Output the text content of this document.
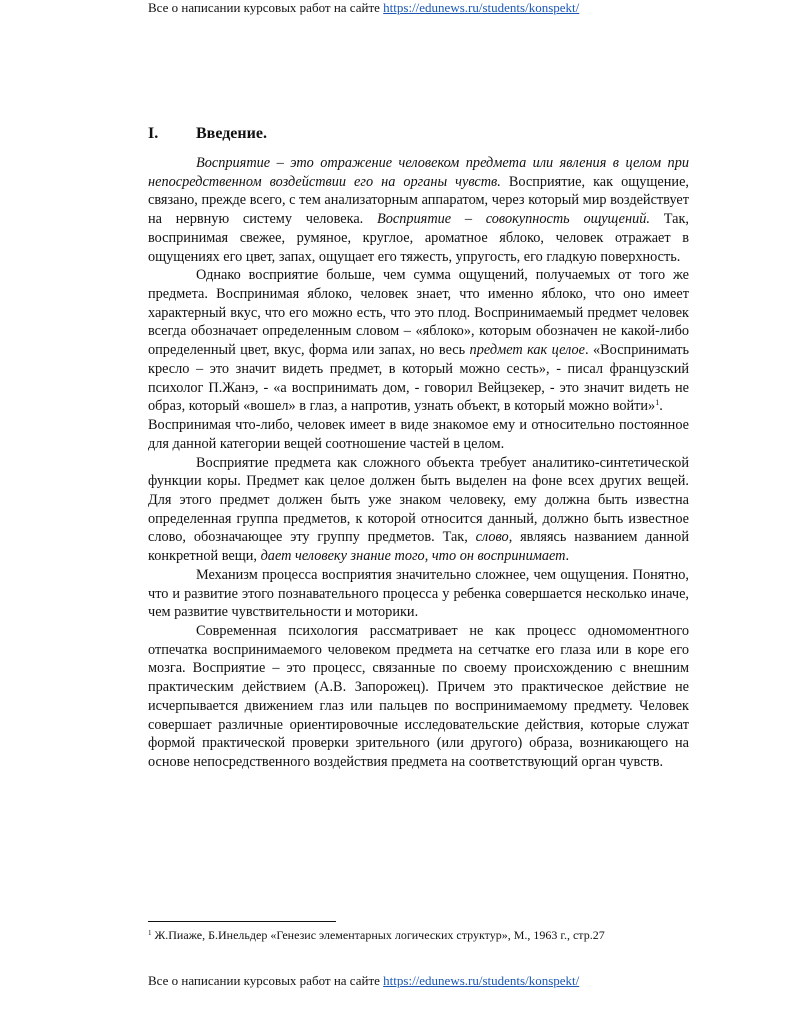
Все о написании курсовых работ на сайте https://edunews.ru/students/konspekt/
I. Введение.

Восприятие – это отражение человеком предмета или явления в целом при непосредственном воздействии его на органы чувств. Восприятие, как ощущение, связано, прежде всего, с тем анализаторным аппаратом, через который мир воздействует на нервную систему человека. Восприятие – совокупность ощущений. Так, воспринимая свежее, румяное, круглое, ароматное яблоко, человек отражает в ощущениях его цвет, запах, ощущает его тяжесть, упругость, его гладкую поверхность.

Однако восприятие больше, чем сумма ощущений, получаемых от того же предмета. Воспринимая яблоко, человек знает, что именно яблоко, что оно имеет характерный вкус, что его можно есть, что это плод. Воспринимаемый предмет человек всегда обозначает определенным словом – «яблоко», которым обозначен не какой-либо определенный цвет, вкус, форма или запах, но весь предмет как целое. «Воспринимать кресло – это значит видеть предмет, в который можно сесть», - писал французский психолог П.Жанэ, - «а воспринимать дом, - говорил Вейцзекер, - это значит видеть не образ, который «вошел» в глаз, а напротив, узнать объект, в который можно войти»$^1$.

Воспринимая что-либо, человек имеет в виде знакомое ему и относительно постоянное для данной категории вещей соотношение частей в целом.

Восприятие предмета как сложного объекта требует аналитико-синтетической функции коры. Предмет как целое должен быть выделен на фоне всех других вещей. Для этого предмет должен быть уже знаком человеку, ему должна быть известна определенная группа предметов, к которой относится данный, должно быть известное слово, обозначающее эту группу предметов. Так, слово, являясь названием данной конкретной вещи, дает человеку знание того, что он воспринимает.

Механизм процесса восприятия значительно сложнее, чем ощущения. Понятно, что и развитие этого познавательного процесса у ребенка совершается несколько иначе, чем развитие чувствительности и моторики.

Современная психология рассматривает не как процесс одномоментного отпечатка воспринимаемого человеком предмета на сетчатке его глаза или в коре его мозга. Восприятие – это процесс, связанные по своему происхождению с внешним практическим действием (А.В. Запорожец). Причем это практическое действие не исчерпывается движением глаз или пальцев по воспринимаемому предмету. Человек совершает различные ориентировочные исследовательские действия, которые служат формой практической проверки зрительного (или другого) образа, возникающего на основе непосредственного воздействия предмета на соответствующий орган чувств.

$^1$ Ж.Пиаже, Б.Инельдер «Генезис элементарных логических структур», М., 1963 г., стр.27
Все о написании курсовых работ на сайте https://edunews.ru/students/konspekt/
